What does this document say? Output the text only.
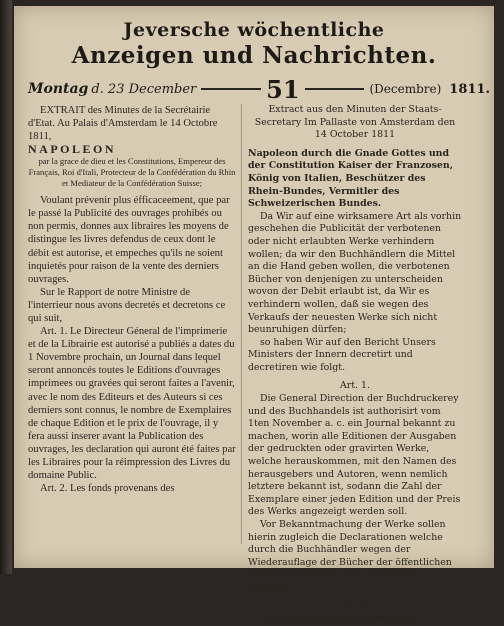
Jeversche wöchentliche
Anzeigen und Nachrichten.
Montag d. 23 December	51	(Decembre) 1811.

EXTRAIT des Minutes de la Secrétairie d'Etat. Au Palais d'Amsterdam le 14 Octobre 1811,

NAPOLEON

par la grace de dieu et les Constitutions, Empereur des Français, Roi d'Itali, Protecteur de la Confédération du Rhin et Mediateur de la Confédération Suisse;

Voulant prévenir plus éfficaceement, que par le passé la Publicité des ouvrages prohibés ou non permis, donnes aux libraires les moyens de distingue les livres defendus de ceux dont le débit est autorise, et empeches qu'ils ne soient inquietés pour raison de la vente des derniers ouvrages.

Sur le Rapport de notre Ministre de l'interrieur nous avons decretés et decretons ce qui suit,

Art. 1. Le Directeur Géneral de l'imprimerie et de la Librairie est autorisé a publiés a dates du 1 Novembre prochain, un Journal dans lequel seront annoncés toutes le Editions d'ouvrages imprimees ou gravées qui seront faites a l'avenir, avec le nom des Editeurs et des Auteurs si ces derniers sont connus, le nombre de Exemplaires de chaque Edition et le prix de l'ouvrage, il y fera aussi inserer avant la Publication des ouvrages, les declaration qui auront été faites par les Libraires pour la réimpression des Livres du domaine Public.

Art. 2. Les fonds provenans des

Extract aus den Minuten der Staats-Secretary Im Pallaste von Amsterdam den 14 October 1811

Napoleon durch die Gnade Gottes und der Constitution Kaiser der Franzosen, König von Italien, Beschützer des Rhein-Bundes, Vermitler des Schweizerischen Bundes.

Da Wir auf eine wirksamere Art als vorhin geschehen die Publicität der verbotenen oder nicht erlaubten Werke verhindern wollen; da wir den Buchhändlern die Mittel an die Hand geben wollen, die verbotenen Bücher von denjenigen zu unterscheiden wovon der Debit erlaubt ist, da Wir es verhindern wollen, daß sie wegen des Verkaufs der neuesten Werke sich nicht beunruhigen dürfen;

so haben Wir auf den Bericht Unsers Ministers der Innern decretirt und decretiren wie folgt.

Art. 1.

Die General Direction der Buchdruckerey und des Buchhandels ist authorisirt vom 1ten November a. c. ein Journal bekannt zu machen, worin alle Editionen der Ausgaben der gedruckten oder gravirten Werke, welche herauskommen, mit den Namen des herausgebers und Autoren, wenn nemlich letztere bekannt ist, sodann die Zahl der Exemplare einer jeden Edition und der Preis des Werks angezeigt werden soll.

Vor Bekanntmachung der Werke sollen hierin zugleich die Declarationen welche durch die Buchhändler wegen der Wiederauflage der Bücher der öffentlichen Domainen gemacht sind, eingerückt werden.

Art. 2.

Der Fonds aus dem Abonnement
